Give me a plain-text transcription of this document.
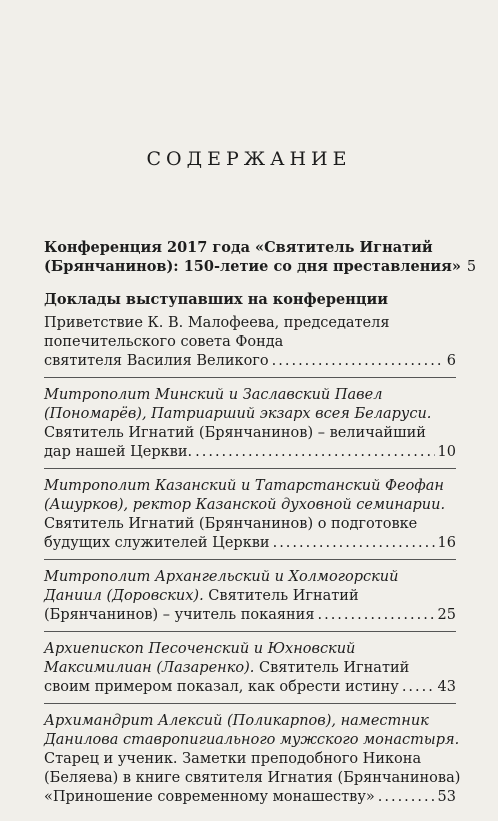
СОДЕРЖАНИЕ
Конференция 2017 года «Святитель Игнатий
(Брянчанинов): 150-летие со дня преставления» 5
Доклады выступавших на конференции
Приветствие К. В. Малофеева, председателя
попечительского совета Фонда
святителя Василия Великого .....	6
Митрополит Минский и Заславский Павел
(Пономарёв), Патриарший экзарх всея Беларуси.
Святитель Игнатий (Брянчанинов) – величайший
дар нашей Церкви. .....	10
Митрополит Казанский и Татарстанский Феофан
(Ашурков), ректор Казанской духовной семинарии.
Святитель Игнатий (Брянчанинов) о подготовке
будущих служителей Церкви .....	16
Митрополит Архангельский и Холмогорский
Даниил (Доровских). Святитель Игнатий
(Брянчанинов) – учитель покаяния .....	25
Архиепископ Песоченский и Юхновский
Максимилиан (Лазаренко). Святитель Игнатий
своим примером показал, как обрести истину .....	43
Архимандрит Алексий (Поликарпов), наместник
Данилова ставропигиального мужского монастыря.
Старец и ученик. Заметки преподобного Никона
(Беляева) в книге святителя Игнатия (Брянчанинова)
«Приношение современному монашеству» .....	53
